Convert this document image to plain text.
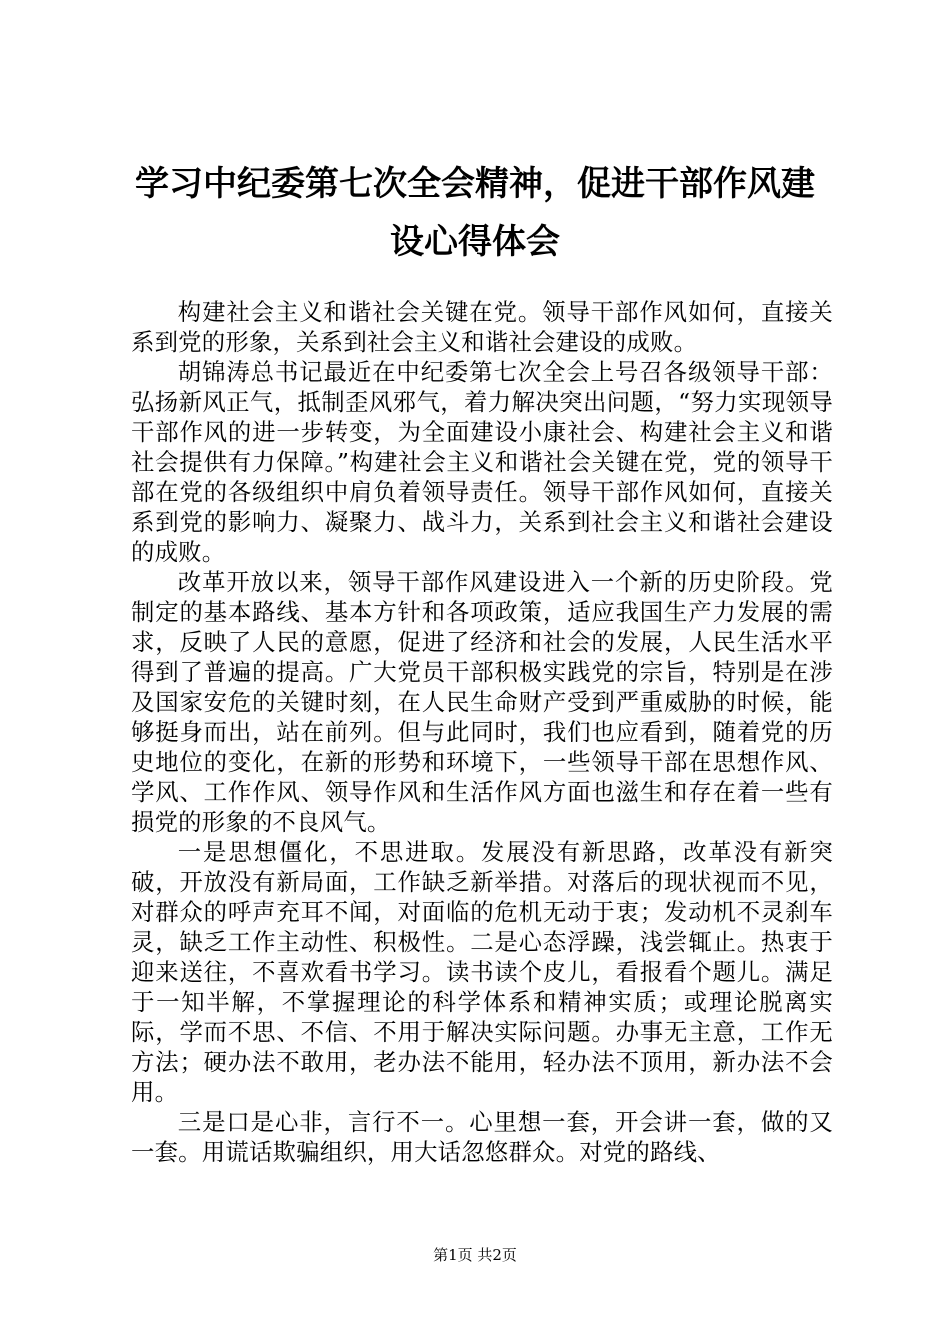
学习中纪委第七次全会精神，促进干部作风建
设心得体会

构建社会主义和谐社会关键在党。领导干部作风如何，直接关系到党的形象，关系到社会主义和谐社会建设的成败。

胡锦涛总书记最近在中纪委第七次全会上号召各级领导干部：弘扬新风正气，抵制歪风邪气，着力解决突出问题，“努力实现领导干部作风的进一步转变，为全面建设小康社会、构建社会主义和谐社会提供有力保障。”构建社会主义和谐社会关键在党，党的领导干部在党的各级组织中肩负着领导责任。领导干部作风如何，直接关系到党的影响力、凝聚力、战斗力，关系到社会主义和谐社会建设的成败。

改革开放以来，领导干部作风建设进入一个新的历史阶段。党制定的基本路线、基本方针和各项政策，适应我国生产力发展的需求，反映了人民的意愿，促进了经济和社会的发展，人民生活水平得到了普遍的提高。广大党员干部积极实践党的宗旨，特别是在涉及国家安危的关键时刻，在人民生命财产受到严重威胁的时候，能够挺身而出，站在前列。但与此同时，我们也应看到，随着党的历史地位的变化，在新的形势和环境下，一些领导干部在思想作风、学风、工作作风、领导作风和生活作风方面也滋生和存在着一些有损党的形象的不良风气。

一是思想僵化，不思进取。发展没有新思路，改革没有新突破，开放没有新局面，工作缺乏新举措。对落后的现状视而不见，对群众的呼声充耳不闻，对面临的危机无动于衷；发动机不灵刹车灵，缺乏工作主动性、积极性。二是心态浮躁，浅尝辄止。热衷于迎来送往，不喜欢看书学习。读书读个皮儿，看报看个题儿。满足于一知半解，不掌握理论的科学体系和精神实质；或理论脱离实际，学而不思、不信、不用于解决实际问题。办事无主意，工作无方法；硬办法不敢用，老办法不能用，轻办法不顶用，新办法不会用。

三是口是心非，言行不一。心里想一套，开会讲一套，做的又一套。用谎话欺骗组织，用大话忽悠群众。对党的路线、

第1页 共2页
